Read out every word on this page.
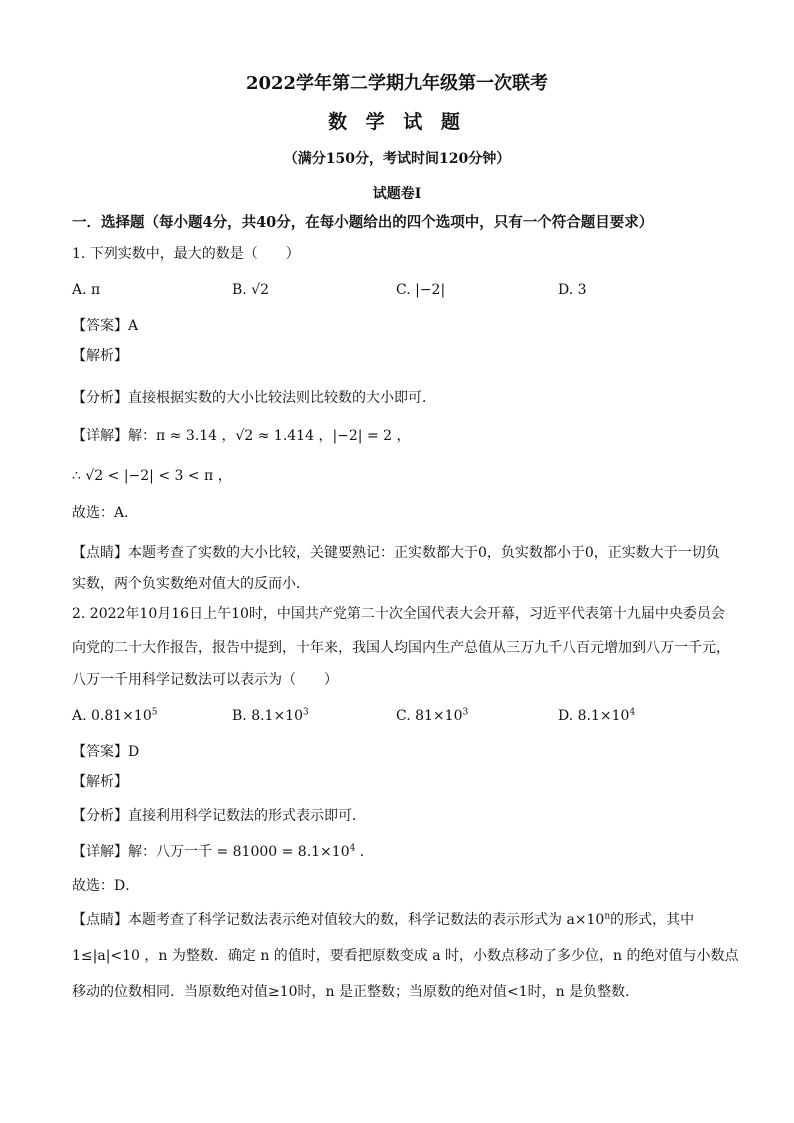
2022学年第二学期九年级第一次联考
数 学 试 题
（满分150分，考试时间120分钟）
试题卷I
一．选择题（每小题4分，共40分，在每小题给出的四个选项中，只有一个符合题目要求）
1. 下列实数中，最大的数是（　　）
A. π	B. √2	C. |−2|	D. 3
【答案】A
【解析】
【分析】直接根据实数的大小比较法则比较数的大小即可．
【详解】解：π ≈ 3.14 ，√2 ≈ 1.414 ，|−2| = 2 ，
∴ √2 < |−2| < 3 < π ，
故选：A．
【点睛】本题考查了实数的大小比较，关键要熟记：正实数都大于0，负实数都小于0，正实数大于一切负
实数，两个负实数绝对值大的反而小．
2. 2022年10月16日上午10时，中国共产党第二十次全国代表大会开幕，习近平代表第十九届中央委员会
向党的二十大作报告，报告中提到，十年来，我国人均国内生产总值从三万九千八百元增加到八万一千元，
八万一千用科学记数法可以表示为（　　）
A. $0.81\times 10^5$	B. $8.1\times 10^3$	C. $81\times 10^3$	D. $8.1\times 10^4$
【答案】D
【解析】
【分析】直接利用科学记数法的形式表示即可．
【详解】解：八万一千 = $81000 = 8.1\times 10^4$ ．
故选：D．
【点睛】本题考查了科学记数法表示绝对值较大的数，科学记数法的表示形式为 $a\times 10^n$的形式，其中
1≤|a|<10 ，n 为整数．确定 n 的值时，要看把原数变成 a 时，小数点移动了多少位，n 的绝对值与小数点
移动的位数相同．当原数绝对值≥10时，n 是正整数；当原数的绝对值<1时，n 是负整数．
